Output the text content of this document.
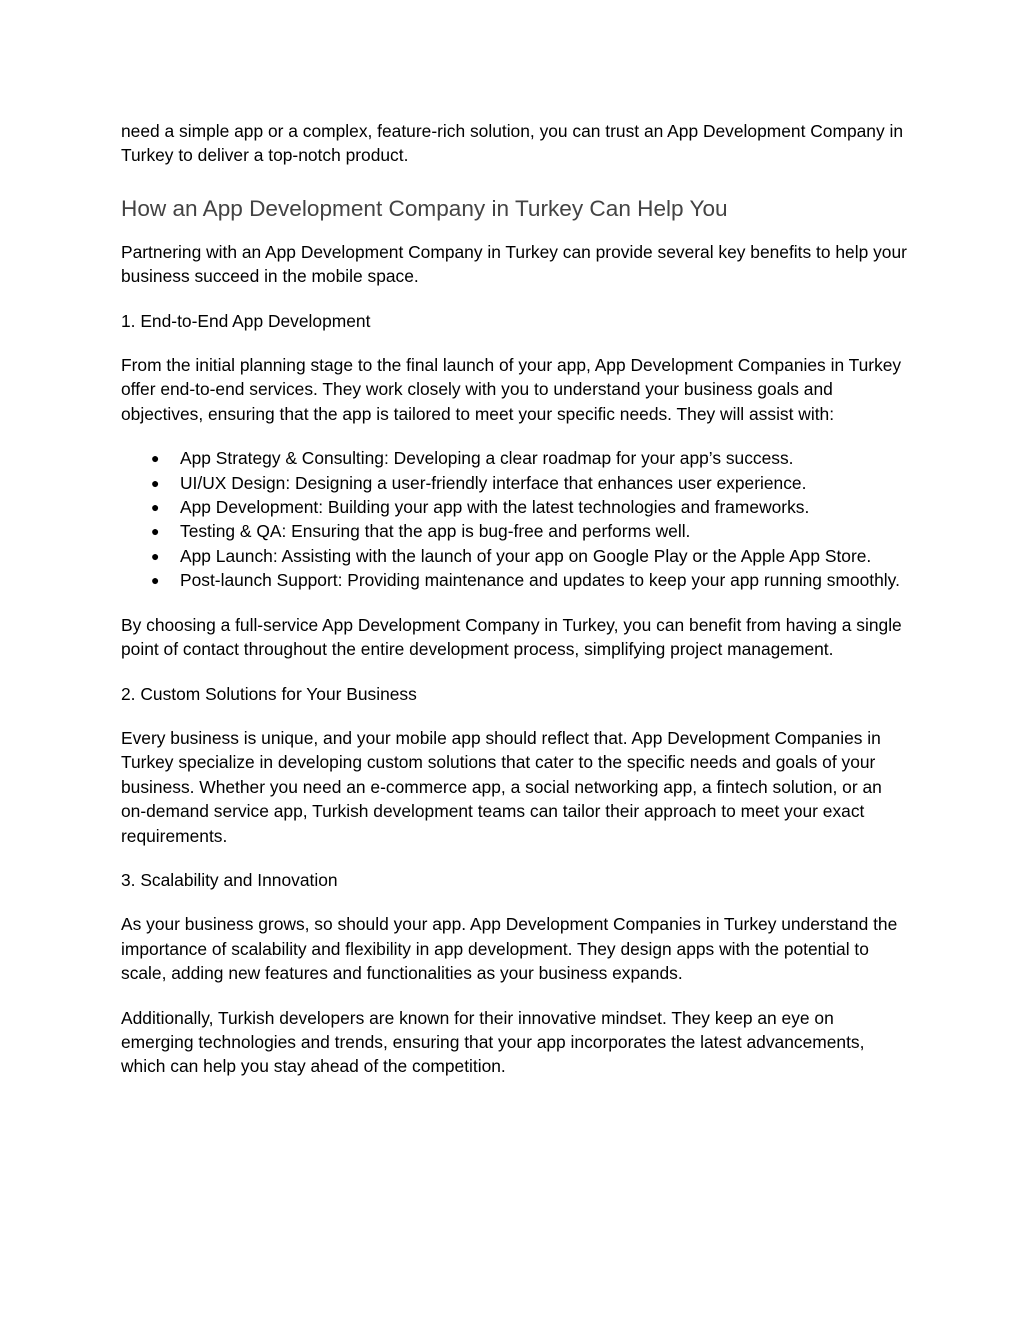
need a simple app or a complex, feature-rich solution, you can trust an App Development Company in Turkey to deliver a top-notch product.

How an App Development Company in Turkey Can Help You

Partnering with an App Development Company in Turkey can provide several key benefits to help your business succeed in the mobile space.

1. End-to-End App Development

From the initial planning stage to the final launch of your app, App Development Companies in Turkey offer end-to-end services. They work closely with you to understand your business goals and objectives, ensuring that the app is tailored to meet your specific needs. They will assist with:

● App Strategy & Consulting: Developing a clear roadmap for your app’s success.
● UI/UX Design: Designing a user-friendly interface that enhances user experience.
● App Development: Building your app with the latest technologies and frameworks.
● Testing & QA: Ensuring that the app is bug-free and performs well.
● App Launch: Assisting with the launch of your app on Google Play or the Apple App Store.
● Post-launch Support: Providing maintenance and updates to keep your app running smoothly.

By choosing a full-service App Development Company in Turkey, you can benefit from having a single point of contact throughout the entire development process, simplifying project management.

2. Custom Solutions for Your Business

Every business is unique, and your mobile app should reflect that. App Development Companies in Turkey specialize in developing custom solutions that cater to the specific needs and goals of your business. Whether you need an e-commerce app, a social networking app, a fintech solution, or an on-demand service app, Turkish development teams can tailor their approach to meet your exact requirements.

3. Scalability and Innovation

As your business grows, so should your app. App Development Companies in Turkey understand the importance of scalability and flexibility in app development. They design apps with the potential to scale, adding new features and functionalities as your business expands.

Additionally, Turkish developers are known for their innovative mindset. They keep an eye on emerging technologies and trends, ensuring that your app incorporates the latest advancements, which can help you stay ahead of the competition.
